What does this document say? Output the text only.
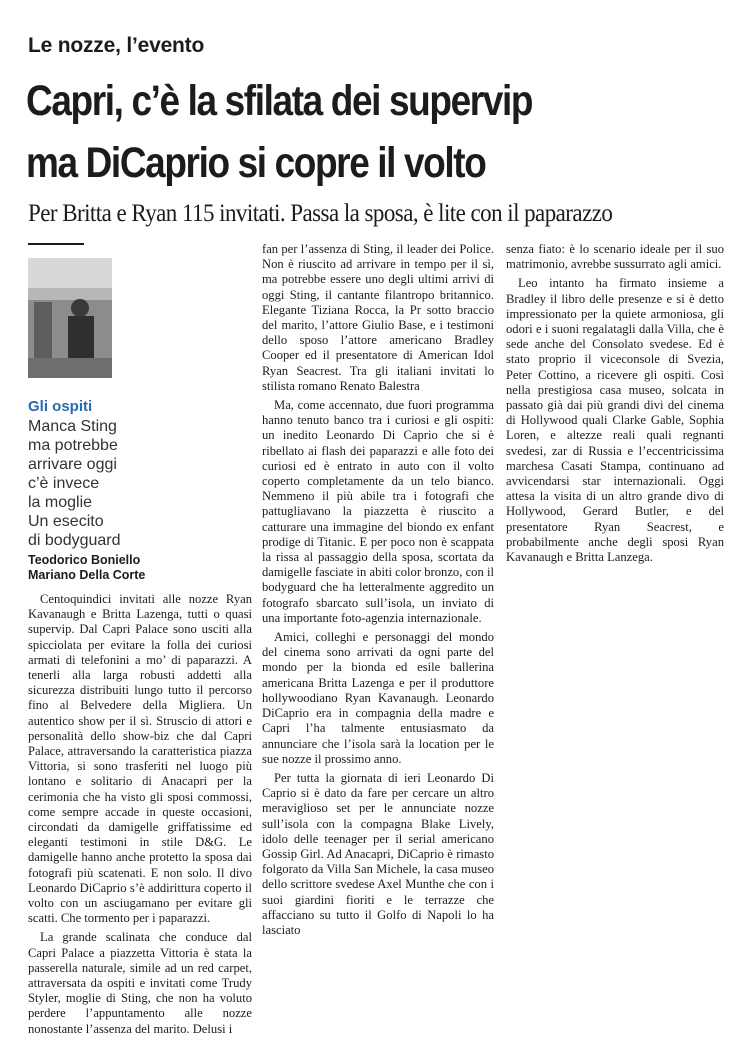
Le nozze, l’evento
Capri, c’è la sfilata dei supervip
ma DiCaprio si copre il volto
Per Britta e Ryan 115 invitati. Passa la sposa, è lite con il paparazzo
Gli ospiti
Manca Sting
ma potrebbe
arrivare oggi
c’è invece
la moglie
Un esecito
di bodyguard
Teodorico Boniello
Mariano Della Corte

Centoquindici invitati alle nozze Ryan Kavanaugh e Britta Lazenga, tutti o quasi supervip. Dal Capri Palace sono usciti alla spicciolata per evitare la folla dei curiosi armati di telefonini a mo’ di paparazzi. A tenerli alla larga robusti addetti alla sicurezza distribuiti lungo tutto il percorso fino al Belvedere della Migliera. Un autentico show per il sì. Struscio di attori e personalità dello show-biz che dal Capri Palace, attraversando la caratteristica piazza Vittoria, si sono trasferiti nel luogo più lontano e solitario di Anacapri per la cerimonia che ha visto gli sposi commossi, come sempre accade in queste occasioni, circondati da damigelle griffatissime ed eleganti testimoni in stile D&G. Le damigelle hanno anche protetto la sposa dai fotografi più scatenati. E non solo. Il divo Leonardo DiCaprio s’è addirittura coperto il volto con un asciugamano per evitare gli scatti. Che tormento per i paparazzi.

La grande scalinata che conduce dal Capri Palace a piazzetta Vittoria è stata la passerella naturale, simile ad un red carpet, attraversata da ospiti e invitati come Trudy Styler, moglie di Sting, che non ha voluto perdere l’appuntamento alle nozze nonostante l’assenza del marito. Delusi i

fan per l’assenza di Sting, il leader dei Police. Non è riuscito ad arrivare in tempo per il sì, ma potrebbe essere uno degli ultimi arrivi di oggi Sting, il cantante filantropo britannico. Elegante Tiziana Rocca, la Pr sotto braccio del marito, l’attore Giulio Base, e i testimoni dello sposo l’attore americano Bradley Cooper ed il presentatore di American Idol Ryan Seacrest. Tra gli italiani invitati lo stilista romano Renato Balestra

Ma, come accennato, due fuori programma hanno tenuto banco tra i curiosi e gli ospiti: un inedito Leonardo Di Caprio che si è ribellato ai flash dei paparazzi e alle foto dei curiosi ed è entrato in auto con il volto coperto completamente da un telo bianco. Nemmeno il più abile tra i fotografi che pattugliavano la piazzetta è riuscito a catturare una immagine del biondo ex enfant prodige di Titanic. E per poco non è scappata la rissa al passaggio della sposa, scortata da damigelle fasciate in abiti color bronzo, con il bodyguard che ha letteralmente aggredito un fotografo sbarcato sull’isola, un inviato di una importante foto-agenzia internazionale.

Amici, colleghi e personaggi del mondo del cinema sono arrivati da ogni parte del mondo per la bionda ed esile ballerina americana Britta Lazenga e per il produttore hollywoodiano Ryan Kavanaugh. Leonardo DiCaprio era in compagnia della madre e Capri l’ha talmente entusiasmato da annunciare che l’isola sarà la location per le sue nozze il prossimo anno.

Per tutta la giornata di ieri Leonardo Di Caprio si è dato da fare per cercare un altro meraviglioso set per le annunciate nozze sull’isola con la compagna Blake Lively, idolo delle teenager per il serial americano Gossip Girl. Ad Anacapri, DiCaprio è rimasto folgorato da Villa San Michele, la casa museo dello scrittore svedese Axel Munthe che con i suoi giardini fioriti e le terrazze che affacciano su tutto il Golfo di Napoli lo ha lasciato

senza fiato: è lo scenario ideale per il suo matrimonio, avrebbe sussurrato agli amici.

Leo intanto ha firmato insieme a Bradley il libro delle presenze e si è detto impressionato per la quiete armoniosa, gli odori e i suoni regalatagli dalla Villa, che è sede anche del Consolato svedese. Ed è stato proprio il viceconsole di Svezia, Peter Cottino, a ricevere gli ospiti. Così nella prestigiosa casa museo, solcata in passato già dai più grandi divi del cinema di Hollywood quali Clarke Gable, Sophia Loren, e altezze reali quali regnanti svedesi, zar di Russia e l’eccentricissima marchesa Casati Stampa, continuano ad avvicendarsi star internazionali. Oggi attesa la visita di un altro grande divo di Hollywood, Gerard Butler, e del presentatore Ryan Seacrest, e probabilmente anche degli sposi Ryan Kavanaugh e Britta Lanzega.
